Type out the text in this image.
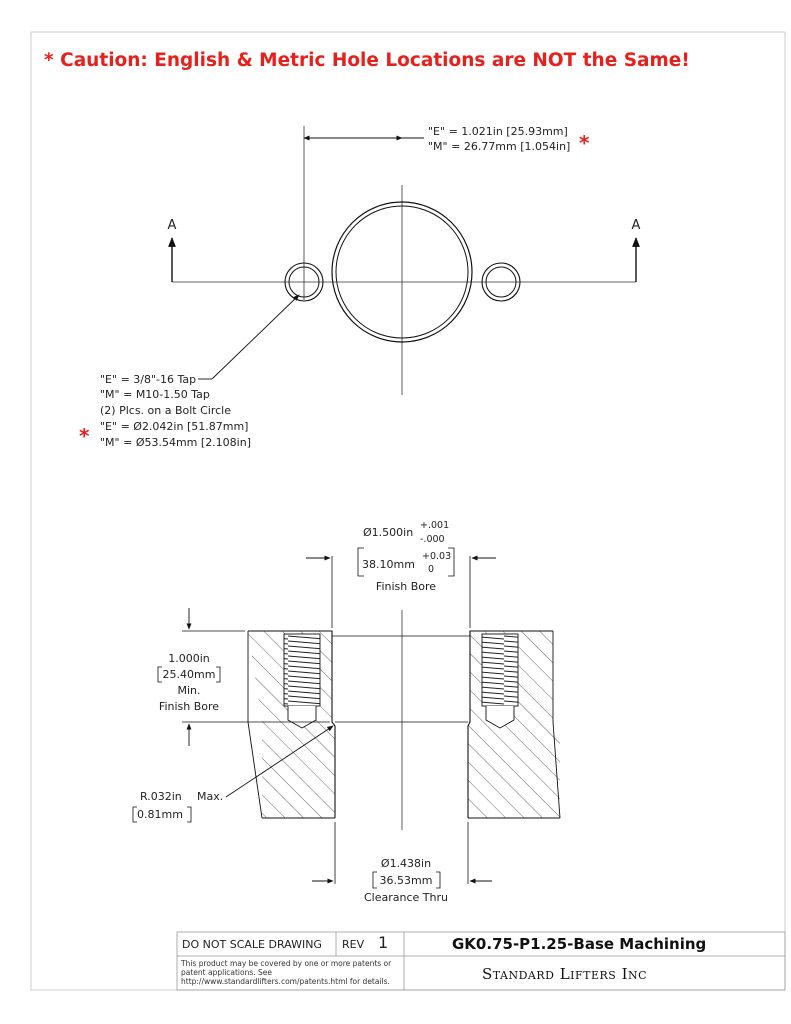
* Caution: English & Metric Hole Locations are NOT the Same!
A	A
"E" = 1.021in [25.93mm]
"M" = 26.77mm [1.054in] *
"E" = 3/8"-16 Tap
"M" = M10-1.50 Tap
(2) Plcs. on a Bolt Circle
"E" = Ø2.042in [51.87mm]
"M" = Ø53.54mm [2.108in]
*
Ø1.500in
+.001
-.000
38.10mm
+0.03
0
Finish Bore
1.000in
25.40mm
Min.
Finish Bore
R.032in Max.
0.81mm
Ø1.438in
36.53mm
Clearance Thru
DO NOT SCALE DRAWING REV 1
This product may be covered by one or more patents or patent applications. See http://www.standardlifters.com/patents.html for details.
GK0.75-P1.25-Base Machining
Standard Lifters Inc
